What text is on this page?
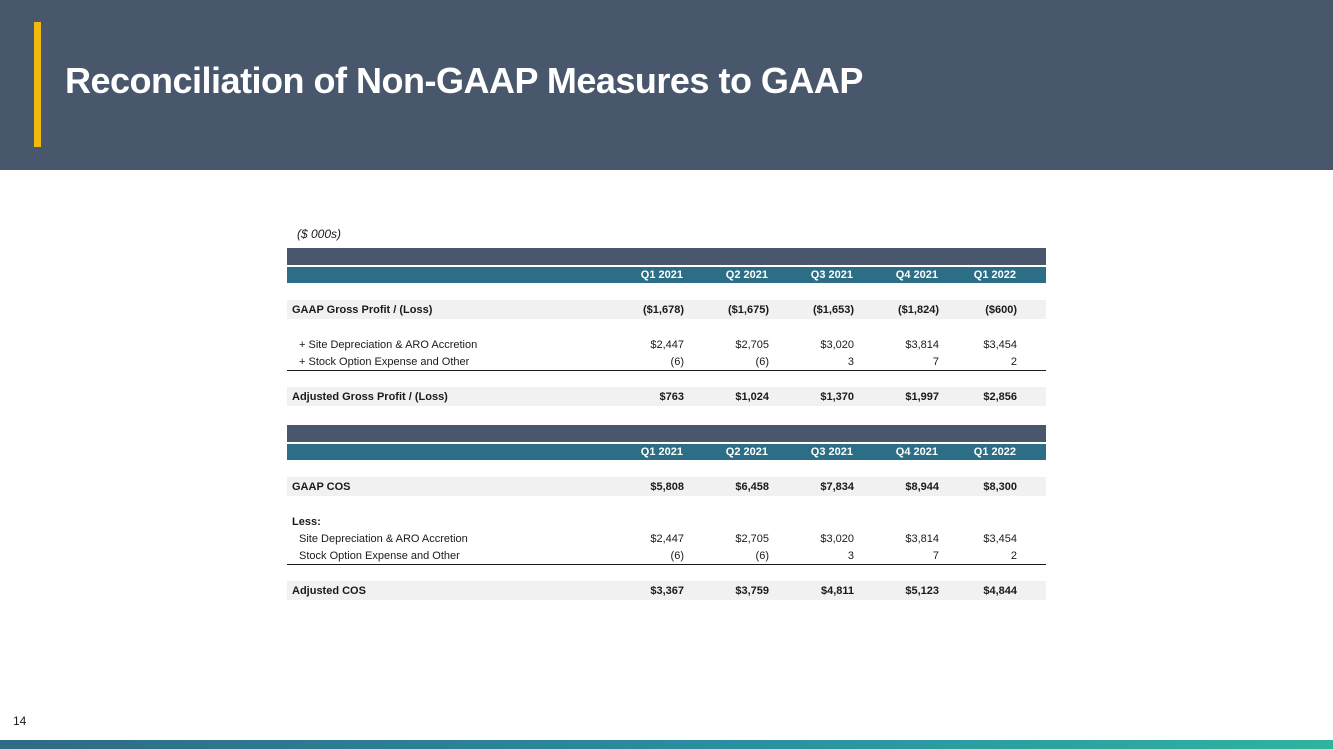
Reconciliation of Non-GAAP Measures to GAAP
($ 000s)
Q1 2021	Q2 2021	Q3 2021	Q4 2021	Q1 2022
GAAP Gross Profit / (Loss)	($1,678)	($1,675)	($1,653)	($1,824)	($600)
+ Site Depreciation & ARO Accretion	$2,447	$2,705	$3,020	$3,814	$3,454
+ Stock Option Expense and Other	(6)	(6)	3	7	2
Adjusted Gross Profit / (Loss)	$763	$1,024	$1,370	$1,997	$2,856
Q1 2021	Q2 2021	Q3 2021	Q4 2021	Q1 2022
GAAP COS	$5,808	$6,458	$7,834	$8,944	$8,300
Less:
Site Depreciation & ARO Accretion	$2,447	$2,705	$3,020	$3,814	$3,454
Stock Option Expense and Other	(6)	(6)	3	7	2
Adjusted COS	$3,367	$3,759	$4,811	$5,123	$4,844
14
